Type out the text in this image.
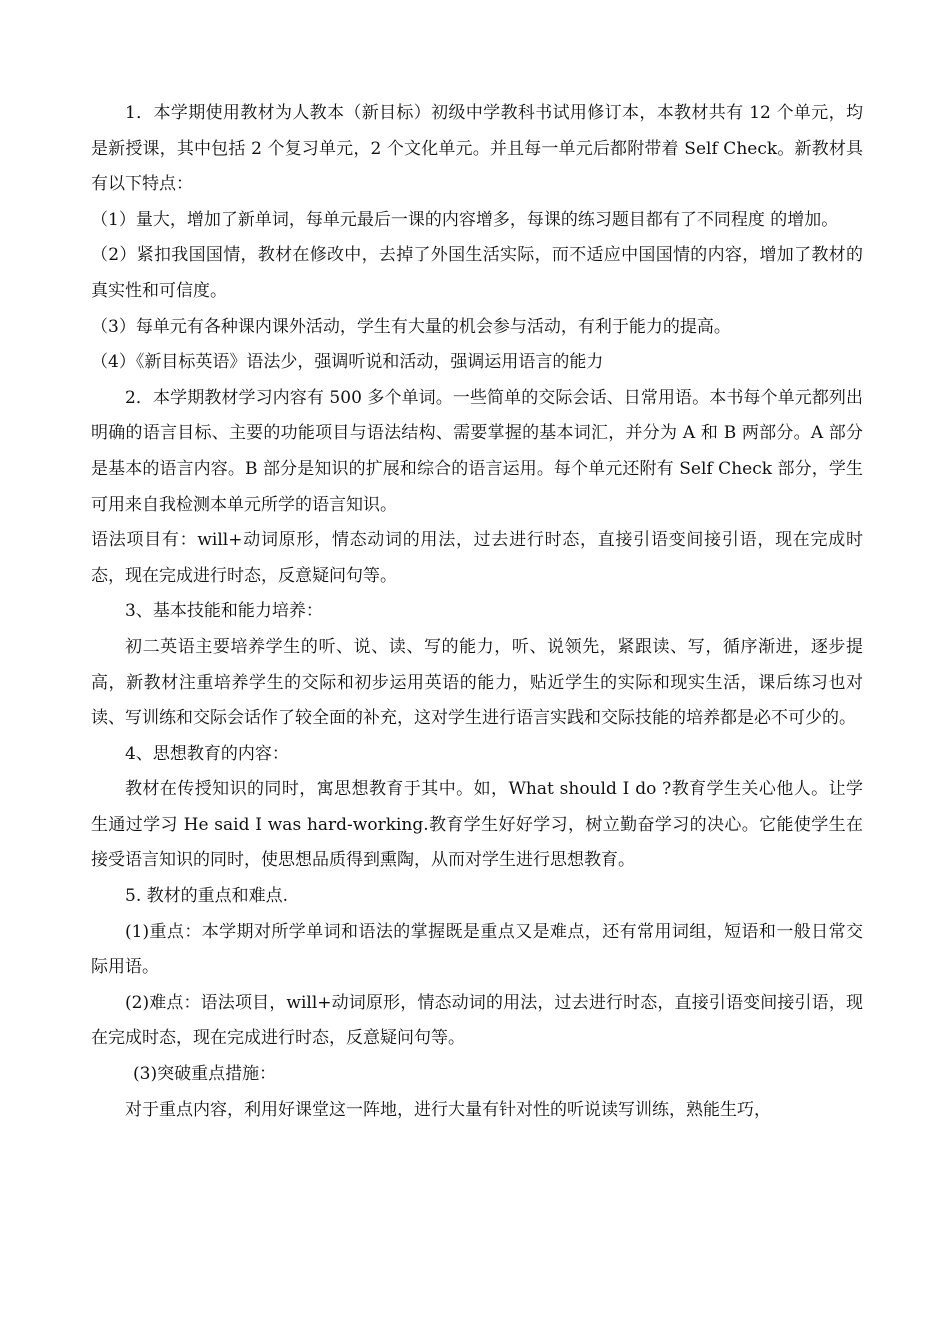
1．本学期使用教材为人教本（新目标）初级中学教科书试用修订本，本教材共有 12 个单元，均是新授课，其中包括 2 个复习单元，2 个文化单元。并且每一单元后都附带着 Self Check。新教材具有以下特点：

（1）量大，增加了新单词，每单元最后一课的内容增多，每课的练习题目都有了不同程度 的增加。

（2）紧扣我国国情，教材在修改中，去掉了外国生活实际，而不适应中国国情的内容，增加了教材的真实性和可信度。

（3）每单元有各种课内课外活动，学生有大量的机会参与活动，有利于能力的提高。

（4）《新目标英语》语法少，强调听说和活动，强调运用语言的能力

2．本学期教材学习内容有 500 多个单词。一些简单的交际会话、日常用语。本书每个单元都列出明确的语言目标、主要的功能项目与语法结构、需要掌握的基本词汇，并分为 A 和 B 两部分。A 部分是基本的语言内容。B 部分是知识的扩展和综合的语言运用。每个单元还附有 Self Check 部分，学生可用来自我检测本单元所学的语言知识。

语法项目有：will+动词原形，情态动词的用法，过去进行时态，直接引语变间接引语，现在完成时态，现在完成进行时态，反意疑问句等。

3、基本技能和能力培养：

初二英语主要培养学生的听、说、读、写的能力，听、说领先，紧跟读、写，循序渐进，逐步提高，新教材注重培养学生的交际和初步运用英语的能力，贴近学生的实际和现实生活，课后练习也对读、写训练和交际会话作了较全面的补充，这对学生进行语言实践和交际技能的培养都是必不可少的。

4、思想教育的内容：

教材在传授知识的同时，寓思想教育于其中。如，What should I do ?教育学生关心他人。让学生通过学习 He said I was hard-working.教育学生好好学习，树立勤奋学习的决心。它能使学生在接受语言知识的同时，使思想品质得到熏陶，从而对学生进行思想教育。

5. 教材的重点和难点.

(1)重点：本学期对所学单词和语法的掌握既是重点又是难点，还有常用词组，短语和一般日常交际用语。

(2)难点：语法项目，will+动词原形，情态动词的用法，过去进行时态，直接引语变间接引语，现在完成时态，现在完成进行时态，反意疑问句等。

(3)突破重点措施：

对于重点内容，利用好课堂这一阵地，进行大量有针对性的听说读写训练，熟能生巧，
